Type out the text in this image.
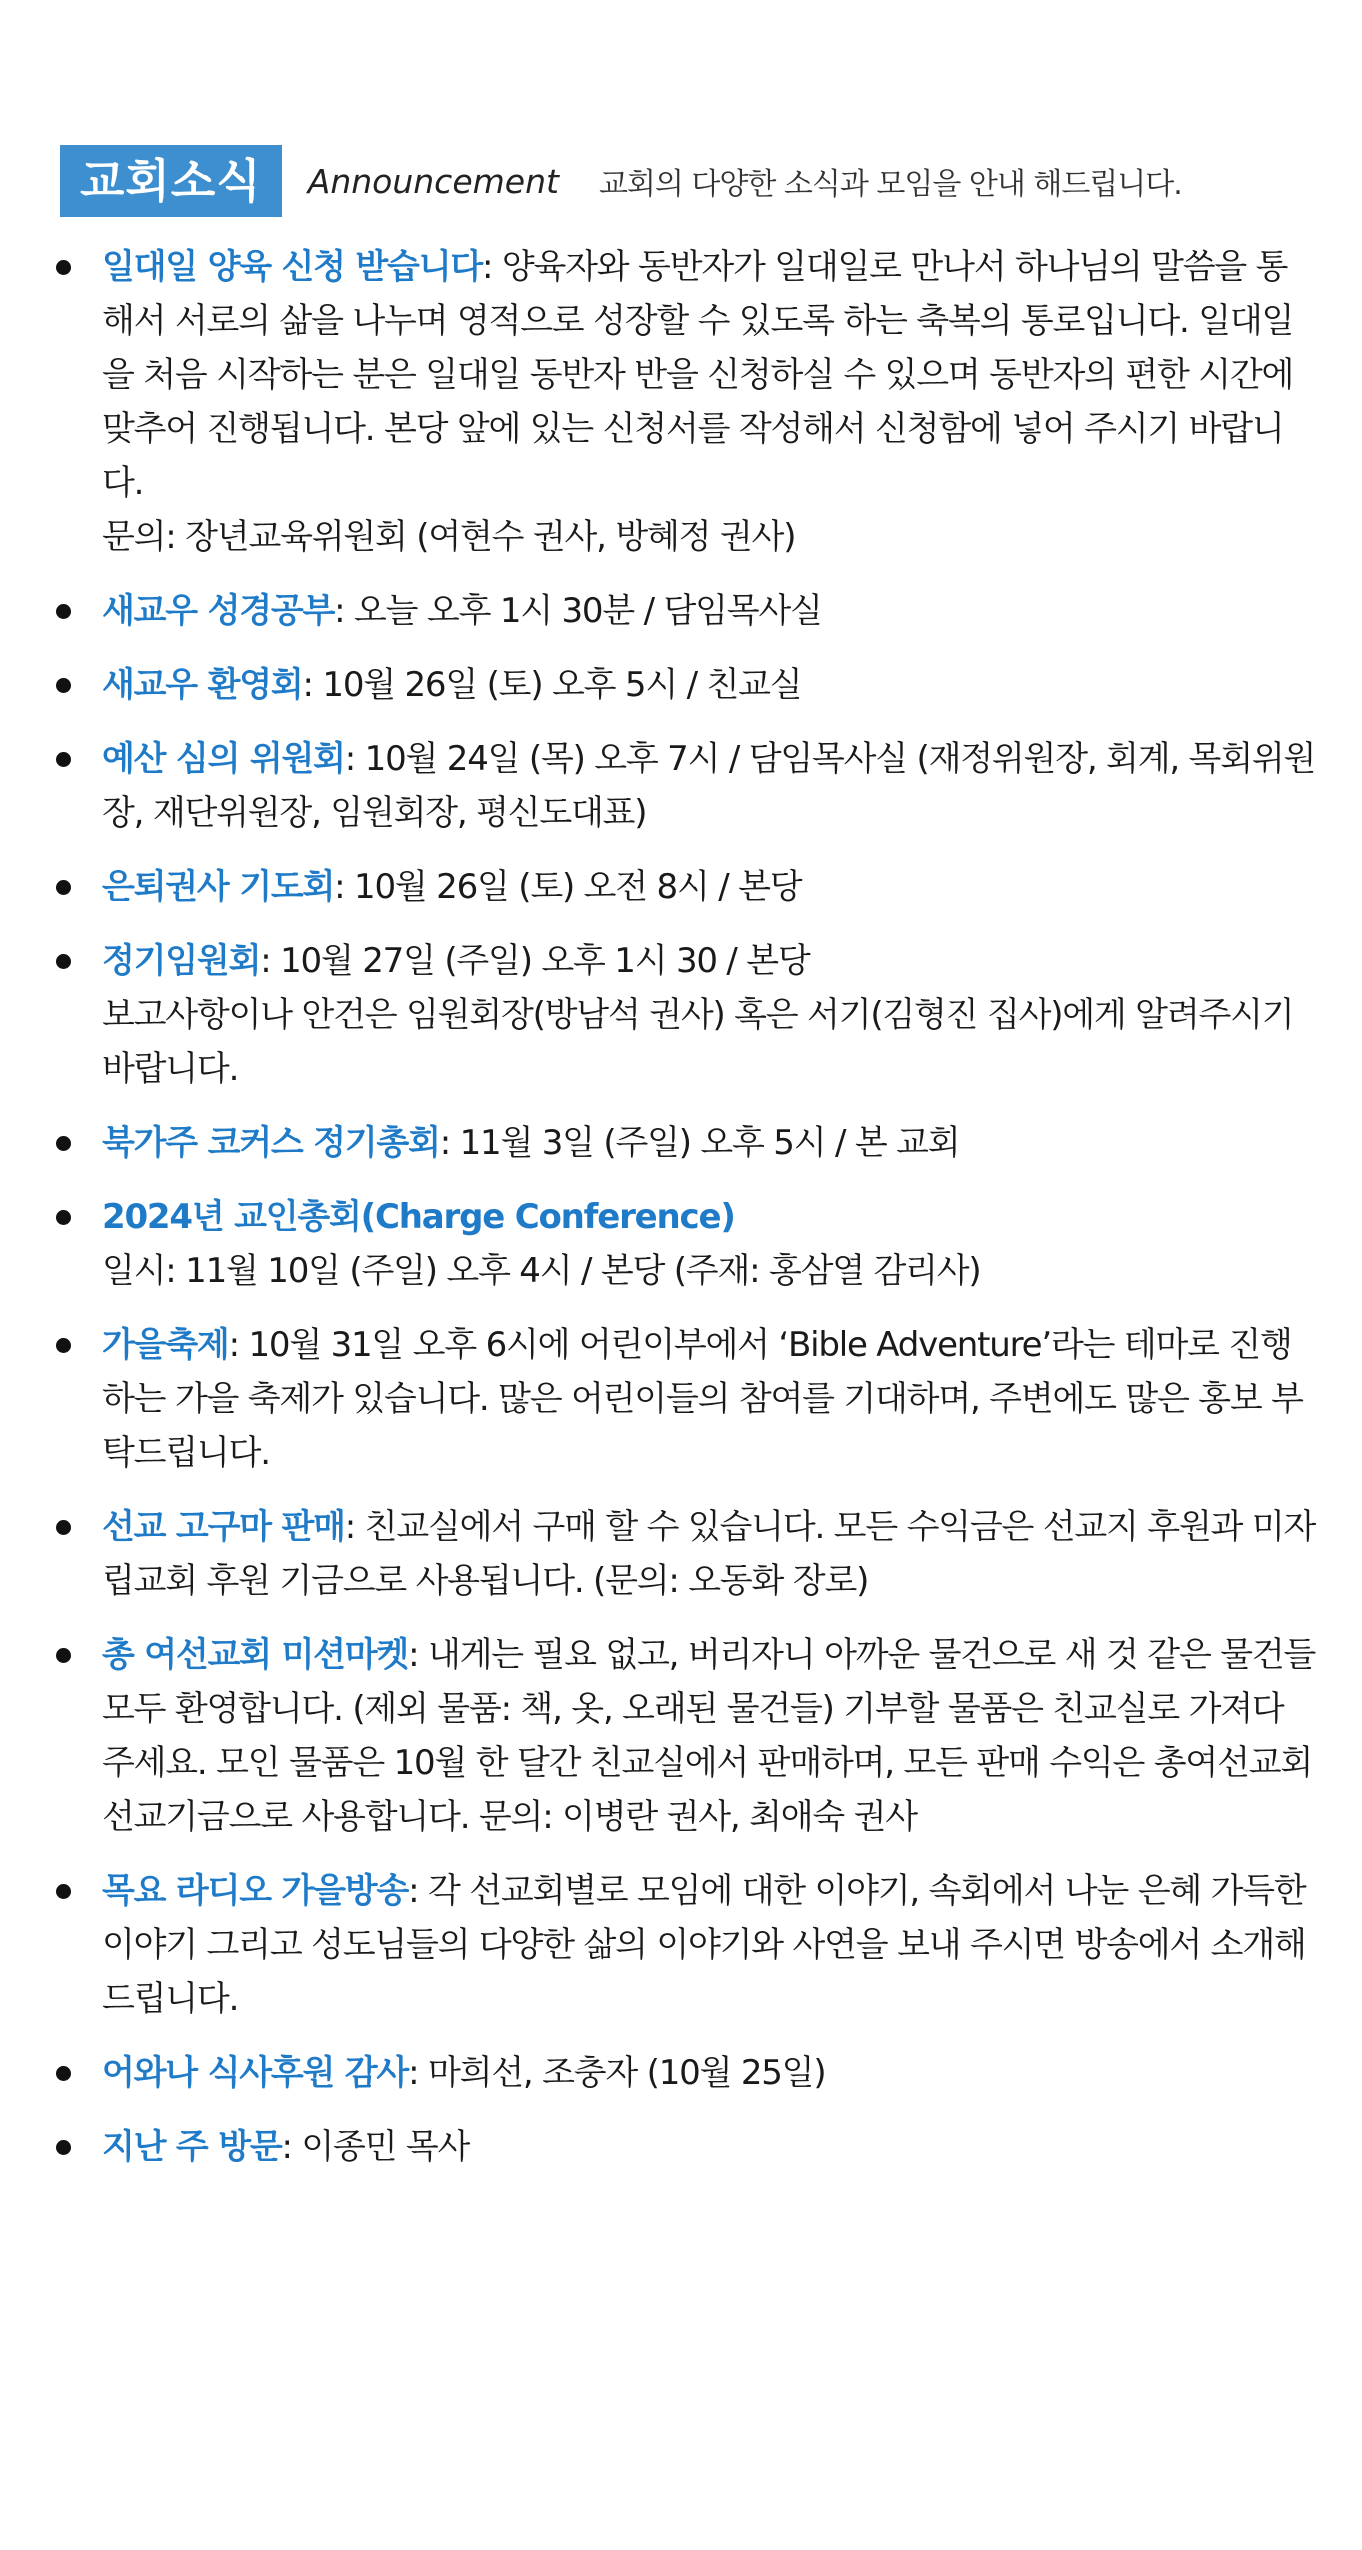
교회소식	Announcement 교회의 다양한 소식과 모임을 안내 해드립니다.
일대일 양육 신청 받습니다: 양육자와 동반자가 일대일로 만나서 하나님의 말씀을 통해서 서로의 삶을 나누며 영적으로 성장할 수 있도록 하는 축복의 통로입니다. 일대일을 처음 시작하는 분은 일대일 동반자 반을 신청하실 수 있으며 동반자의 편한 시간에 맞추어 진행됩니다. 본당 앞에 있는 신청서를 작성해서 신청함에 넣어 주시기 바랍니다.
문의: 장년교육위원회 (여현수 권사, 방혜정 권사)
새교우 성경공부: 오늘 오후 1시 30분 / 담임목사실
새교우 환영회: 10월 26일 (토) 오후 5시 / 친교실
예산 심의 위원회: 10월 24일 (목) 오후 7시 / 담임목사실 (재정위원장, 회계, 목회위원장, 재단위원장, 임원회장, 평신도대표)
은퇴권사 기도회: 10월 26일 (토) 오전 8시 / 본당
정기임원회: 10월 27일 (주일) 오후 1시 30 / 본당
보고사항이나 안건은 임원회장(방남석 권사) 혹은 서기(김형진 집사)에게 알려주시기 바랍니다.
북가주 코커스 정기총회: 11월 3일 (주일) 오후 5시 / 본 교회
2024년 교인총회(Charge Conference)
일시: 11월 10일 (주일) 오후 4시 / 본당 (주재: 홍삼열 감리사)
가을축제: 10월 31일 오후 6시에 어린이부에서 ‘Bible Adventure’라는 테마로 진행하는 가을 축제가 있습니다. 많은 어린이들의 참여를 기대하며, 주변에도 많은 홍보 부탁드립니다.
선교 고구마 판매: 친교실에서 구매 할 수 있습니다. 모든 수익금은 선교지 후원과 미자립교회 후원 기금으로 사용됩니다. (문의: 오동화 장로)
총 여선교회 미션마켓: 내게는 필요 없고, 버리자니 아까운 물건으로 새 것 같은 물건들 모두 환영합니다. (제외 물품: 책, 옷, 오래된 물건들) 기부할 물품은 친교실로 가져다 주세요. 모인 물품은 10월 한 달간 친교실에서 판매하며, 모든 판매 수익은 총여선교회 선교기금으로 사용합니다. 문의: 이병란 권사, 최애숙 권사
목요 라디오 가을방송: 각 선교회별로 모임에 대한 이야기, 속회에서 나눈 은혜 가득한 이야기 그리고 성도님들의 다양한 삶의 이야기와 사연을 보내 주시면 방송에서 소개해드립니다.
어와나 식사후원 감사: 마희선, 조충자 (10월 25일)
지난 주 방문: 이종민 목사
